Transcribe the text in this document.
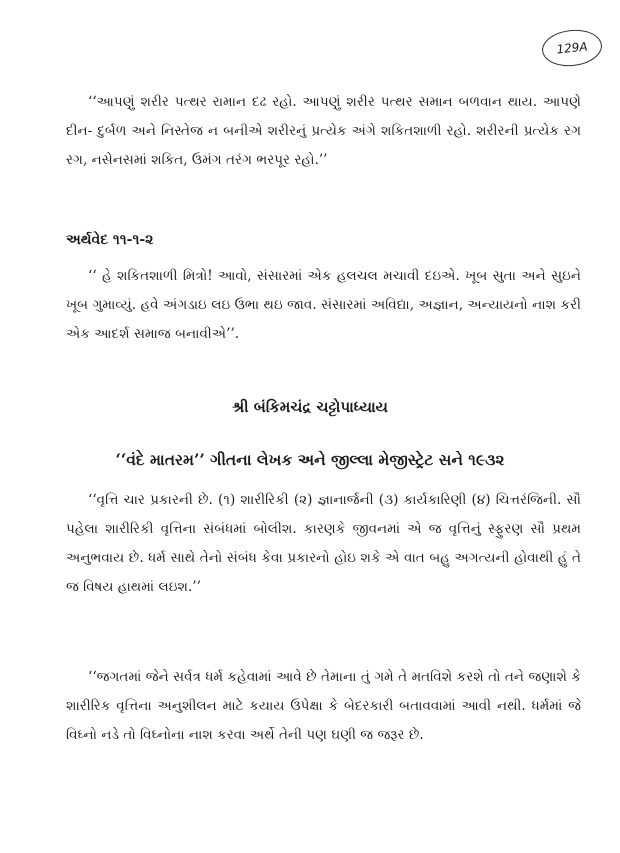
129A

‘‘આપણું શરીર પત્થર રામાન દઢ રહો. આપણું શરીર પત્થર સમાન બળવાન થાય. આપણે દીન- દુર્બળ અને નિસ્તેજ ન બનીએ શરીરનું પ્રત્યેક અંગે શકિતશાળી રહો. શરીરની પ્રત્યેક રગ રગ, નસેનસમાં શકિત, ઉમંગ તરંગ ભરપૂર રહો.’’

અર્થવેદ ૧૧-૧-૨

‘‘ હે શકિતશાળી મિત્રો! આવો, સંસારમાં એક હલચલ મચાવી દઇએ. ખૂબ સુતા અને સુઇને ખૂબ ગુમાવ્યું. હવે અંગડાઇ લઇ ઉભા થઇ જાવ. સંસારમાં અવિદ્યા, અજ્ઞાન, અન્યાયનો નાશ કરી એક આદર્શ સમાજ બનાવીએ’’.

શ્રી બંકિમચંદ્ર ચટ્ટોપાધ્યાય
‘‘વંદે માતરમ’’ ગીતના લેખક અને જીલ્લા મેજીસ્ટ્રેટ સને ૧૯૩૨

‘‘વૃત્તિ ચાર પ્રકારની છે. (૧) શારીરિકી (૨) જ્ઞાનાર્જની (૩) કાર્યકારિણી (૪) ચિત્તરંજિની. સૌ પહેલા શારીરિકી વૃત્તિના સંબંધમાં બોલીશ. કારણકે જીવનમાં એ જ વૃત્તિનું સ્ફુરણ સૌ પ્રથમ અનુભવાય છે. ધર્મ સાથે તેનો સંબંધ કેવા પ્રકારનો હોઇ શકે એ વાત બહુ અગત્યની હોવાથી હું તે જ વિષય હાથમાં લઇશ.’’

‘‘જગતમાં જેને સર્વત્ર ધર્મ કહેવામાં આવે છે તેમાના તું ગમે તે મતવિશે કરશે તો તને જણાશે કે શારીરિક વૃત્તિના અનુશીલન માટે કયાય ઉપેક્ષા કે બેદરકારી બતાવવામાં આવી નથી. ધર્મમાં જે વિઘ્નો નડે તો વિઘ્નોના નાશ કરવા અર્થે તેની પણ ઘણી જ જરૂર છે.
